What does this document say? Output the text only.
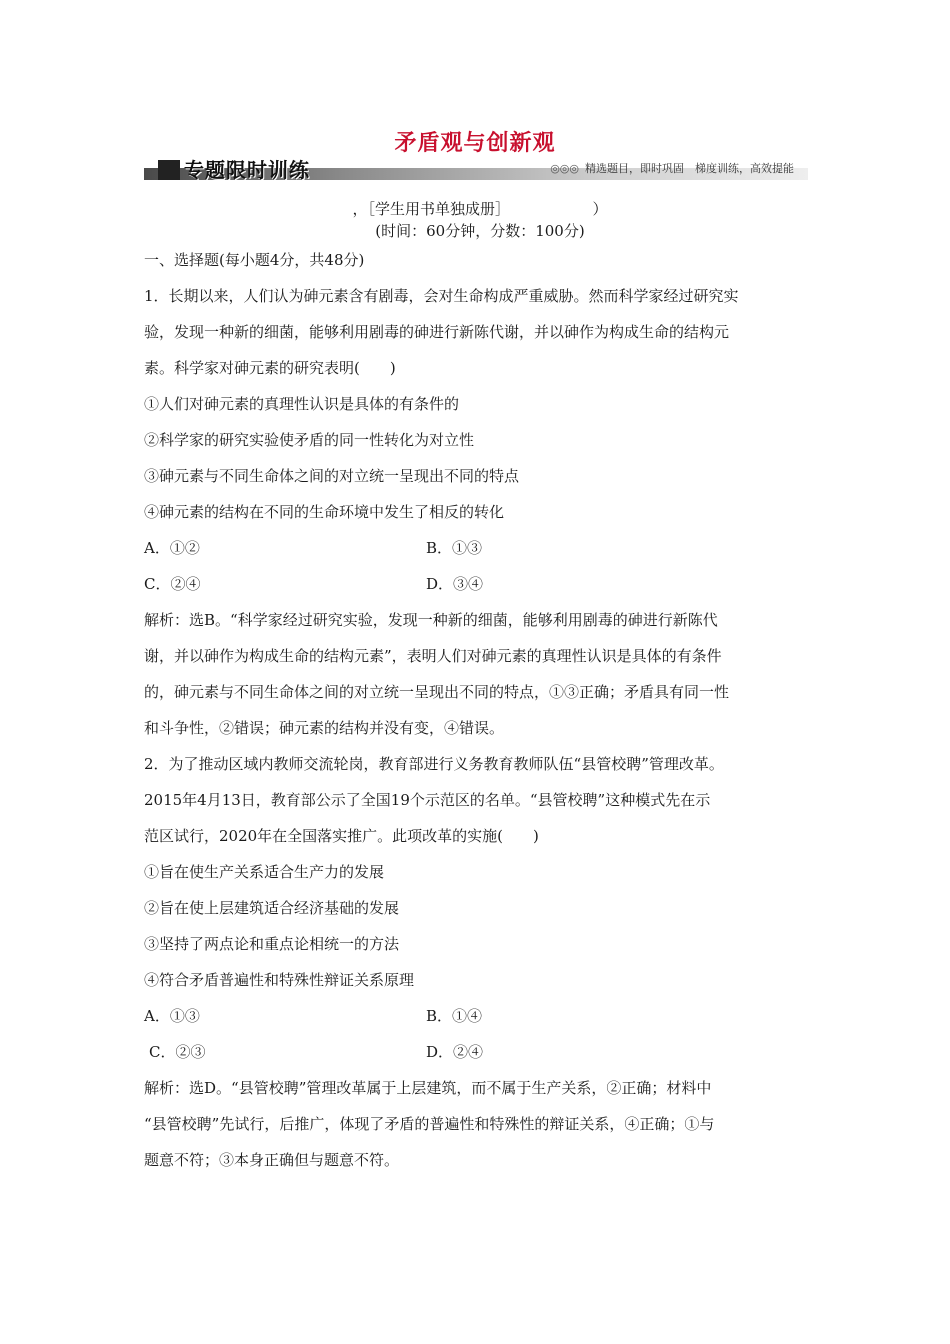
矛盾观与创新观
专题限时训练	◎◎◎ 精选题目，即时巩固　梯度训练，高效提能
，［学生用书单独成册］　　　　　　）
(时间：60分钟，分数：100分)
一、选择题(每小题4分，共48分)
1．长期以来，人们认为砷元素含有剧毒，会对生命构成严重威胁。然而科学家经过研究实
验，发现一种新的细菌，能够利用剧毒的砷进行新陈代谢，并以砷作为构成生命的结构元
素。科学家对砷元素的研究表明(　　)
①人们对砷元素的真理性认识是具体的有条件的
②科学家的研究实验使矛盾的同一性转化为对立性
③砷元素与不同生命体之间的对立统一呈现出不同的特点
④砷元素的结构在不同的生命环境中发生了相反的转化
A．①②	B．①③
C．②④	D．③④
解析：选B。“科学家经过研究实验，发现一种新的细菌，能够利用剧毒的砷进行新陈代
谢，并以砷作为构成生命的结构元素”，表明人们对砷元素的真理性认识是具体的有条件
的，砷元素与不同生命体之间的对立统一呈现出不同的特点，①③正确；矛盾具有同一性
和斗争性，②错误；砷元素的结构并没有变，④错误。
2．为了推动区域内教师交流轮岗，教育部进行义务教育教师队伍“县管校聘”管理改革。
2015年4月13日，教育部公示了全国19个示范区的名单。“县管校聘”这种模式先在示
范区试行，2020年在全国落实推广。此项改革的实施(　　)
①旨在使生产关系适合生产力的发展
②旨在使上层建筑适合经济基础的发展
③坚持了两点论和重点论相统一的方法
④符合矛盾普遍性和特殊性辩证关系原理
A．①③	B．①④
C．②③	D．②④
解析：选D。“县管校聘”管理改革属于上层建筑，而不属于生产关系，②正确；材料中
“县管校聘”先试行，后推广，体现了矛盾的普遍性和特殊性的辩证关系，④正确；①与
题意不符；③本身正确但与题意不符。
